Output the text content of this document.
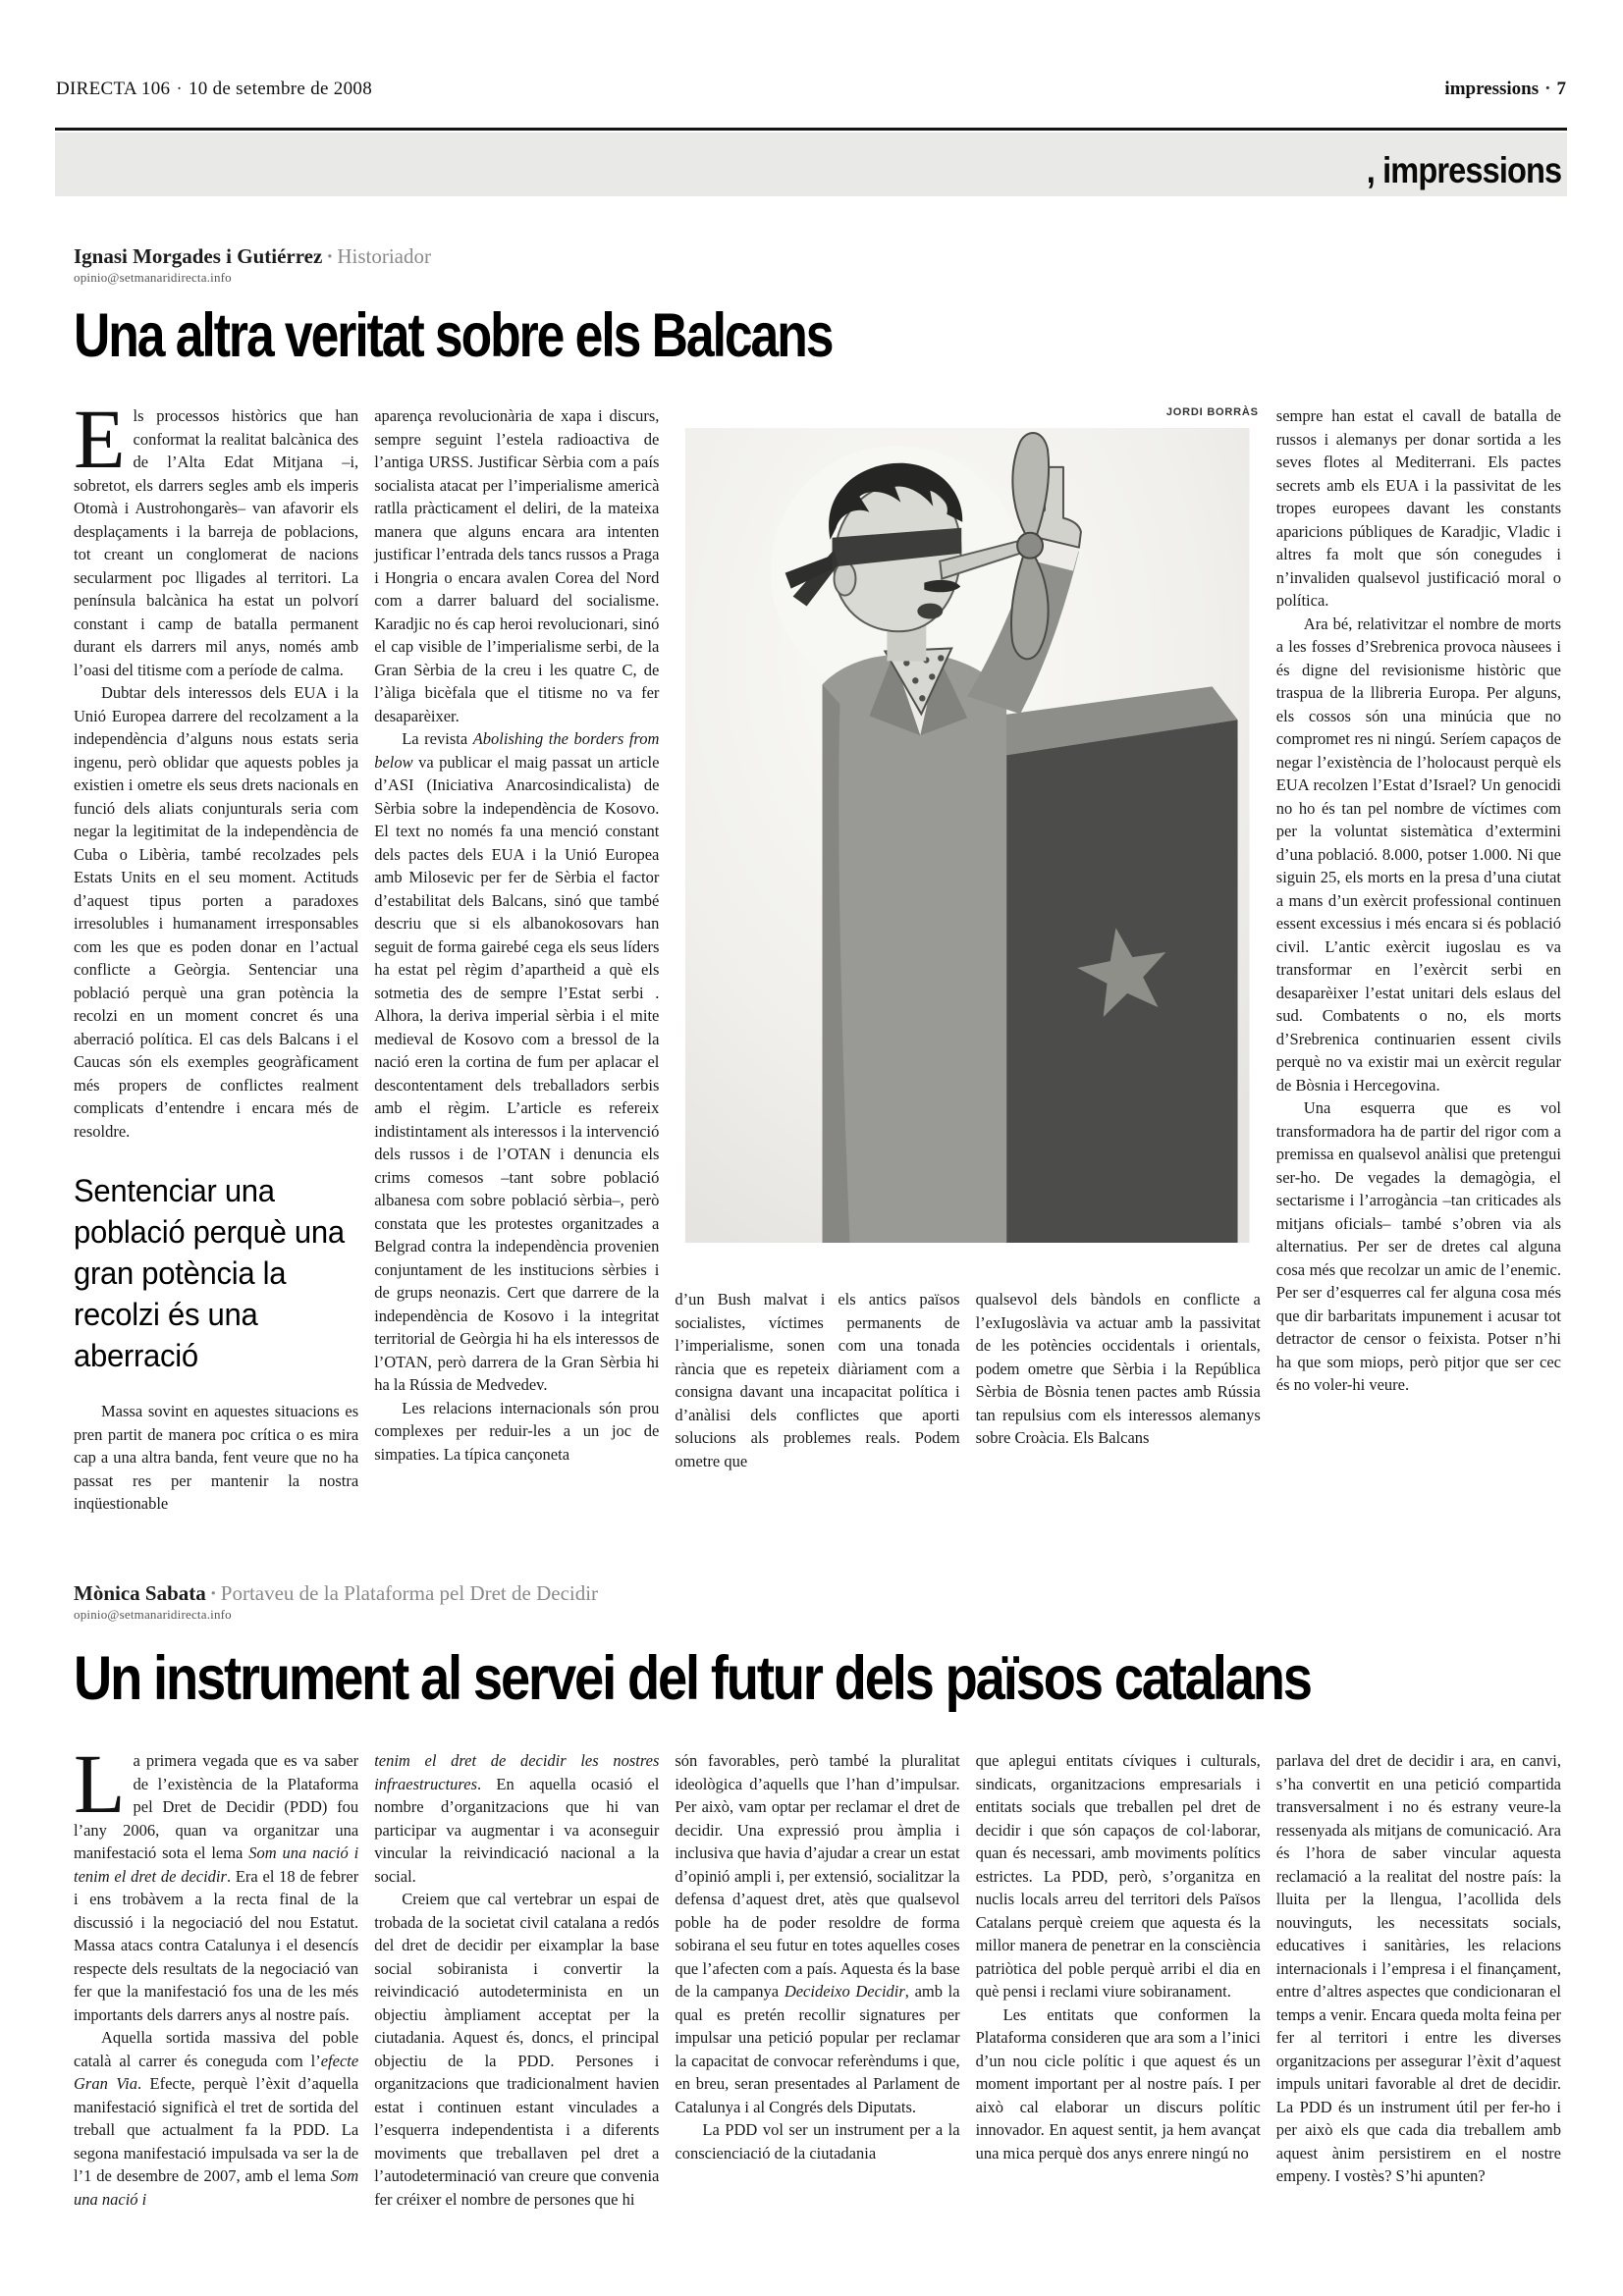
DIRECTA 106 · 10 de setembre de 2008	impressions · 7
, impressions
Ignasi Morgades i Gutiérrez · Historiador
opinio@setmanaridirecta.info
Una altra veritat sobre els Balcans

Els processos històrics que han conformat la realitat balcànica des de l’Alta Edat Mitjana –i, sobretot, els darrers segles amb els imperis Otomà i Austrohongarès– van afavorir els desplaçaments i la barreja de poblacions, tot creant un conglomerat de nacions secularment poc lligades al territori. La península balcànica ha estat un polvorí constant i camp de batalla permanent durant els darrers mil anys, només amb l’oasi del titisme com a període de calma.

Dubtar dels interessos dels EUA i la Unió Europea darrere del recolzament a la independència d’alguns nous estats seria ingenu, però oblidar que aquests pobles ja existien i ometre els seus drets nacionals en funció dels aliats conjunturals seria com negar la legitimitat de la independència de Cuba o Libèria, també recolzades pels Estats Units en el seu moment. Actituds d’aquest tipus porten a paradoxes irresolubles i humanament irresponsables com les que es poden donar en l’actual conflicte a Geòrgia. Sentenciar una població perquè una gran potència la recolzi en un moment concret és una aberració política. El cas dels Balcans i el Caucas són els exemples geogràficament més propers de conflictes realment complicats d’entendre i encara més de resoldre.

Sentenciar una població perquè una gran potència la recolzi és una aberració

Massa sovint en aquestes situacions es pren partit de manera poc crítica o es mira cap a una altra banda, fent veure que no ha passat res per mantenir la nostra inqüestionable

aparença revolucionària de xapa i discurs, sempre seguint l’estela radioactiva de l’antiga URSS. Justificar Sèrbia com a país socialista atacat per l’imperialisme americà ratlla pràcticament el deliri, de la mateixa manera que alguns encara ara intenten justificar l’entrada dels tancs russos a Praga i Hongria o encara avalen Corea del Nord com a darrer baluard del socialisme. Karadjic no és cap heroi revolucionari, sinó el cap visible de l’imperialisme serbi, de la Gran Sèrbia de la creu i les quatre C, de l’àliga bicèfala que el titisme no va fer desaparèixer.

La revista Abolishing the borders from below va publicar el maig passat un article d’ASI (Iniciativa Anarcosindicalista) de Sèrbia sobre la independència de Kosovo. El text no només fa una menció constant dels pactes dels EUA i la Unió Europea amb Milosevic per fer de Sèrbia el factor d’estabilitat dels Balcans, sinó que també descriu que si els albanokosovars han seguit de forma gairebé cega els seus líders ha estat pel règim d’apartheid a què els sotmetia des de sempre l’Estat serbi . Alhora, la deriva imperial sèrbia i el mite medieval de Kosovo com a bressol de la nació eren la cortina de fum per aplacar el descontentament dels treballadors serbis amb el règim. L’article es refereix indistintament als interessos i la intervenció dels russos i de l’OTAN i denuncia els crims comesos –tant sobre població albanesa com sobre població sèrbia–, però constata que les protestes organitzades a Belgrad contra la independència provenien conjuntament de les institucions sèrbies i de grups neonazis. Cert que darrere de la independència de Kosovo i la integritat territorial de Geòrgia hi ha els interessos de l’OTAN, però darrera de la Gran Sèrbia hi ha la Rússia de Medvedev.

Les relacions internacionals són prou complexes per reduir-les a un joc de simpaties. La típica cançoneta

JORDI BORRÀS

d’un Bush malvat i els antics països socialistes, víctimes permanents de l’imperialisme, sonen com una tonada rància que es repeteix diàriament com a consigna davant una incapacitat política i d’anàlisi dels conflictes que aporti solucions als problemes reals. Podem ometre que

qualsevol dels bàndols en conflicte a l’exIugoslàvia va actuar amb la passivitat de les potències occidentals i orientals, podem ometre que Sèrbia i la República Sèrbia de Bòsnia tenen pactes amb Rússia tan repulsius com els interessos alemanys sobre Croàcia. Els Balcans

sempre han estat el cavall de batalla de russos i alemanys per donar sortida a les seves flotes al Mediterrani. Els pactes secrets amb els EUA i la passivitat de les tropes europees davant les constants aparicions públiques de Karadjic, Vladic i altres fa molt que són conegudes i n’invaliden qualsevol justificació moral o política.

Ara bé, relativitzar el nombre de morts a les fosses d’Srebrenica provoca nàusees i és digne del revisionisme històric que traspua de la llibreria Europa. Per alguns, els cossos són una minúcia que no compromet res ni ningú. Seríem capaços de negar l’existència de l’holocaust perquè els EUA recolzen l’Estat d’Israel? Un genocidi no ho és tan pel nombre de víctimes com per la voluntat sistemàtica d’extermini d’una població. 8.000, potser 1.000. Ni que siguin 25, els morts en la presa d’una ciutat a mans d’un exèrcit professional continuen essent excessius i més encara si és població civil. L’antic exèrcit iugoslau es va transformar en l’exèrcit serbi en desaparèixer l’estat unitari dels eslaus del sud. Combatents o no, els morts d’Srebrenica continuarien essent civils perquè no va existir mai un exèrcit regular de Bòsnia i Hercegovina.

Una esquerra que es vol transformadora ha de partir del rigor com a premissa en qualsevol anàlisi que pretengui ser-ho. De vegades la demagògia, el sectarisme i l’arrogància –tan criticades als mitjans oficials– també s’obren via als alternatius. Per ser de dretes cal alguna cosa més que recolzar un amic de l’enemic. Per ser d’esquerres cal fer alguna cosa més que dir barbaritats impunement i acusar tot detractor de censor o feixista. Potser n’hi ha que som miops, però pitjor que ser cec és no voler-hi veure.

Mònica Sabata · Portaveu de la Plataforma pel Dret de Decidir
opinio@setmanaridirecta.info
Un instrument al servei del futur dels països catalans

La primera vegada que es va saber de l’existència de la Plataforma pel Dret de Decidir (PDD) fou l’any 2006, quan va organitzar una manifestació sota el lema Som una nació i tenim el dret de decidir. Era el 18 de febrer i ens trobàvem a la recta final de la discussió i la negociació del nou Estatut. Massa atacs contra Catalunya i el desencís respecte dels resultats de la negociació van fer que la manifestació fos una de les més importants dels darrers anys al nostre país.

Aquella sortida massiva del poble català al carrer és coneguda com l’efecte Gran Via. Efecte, perquè l’èxit d’aquella manifestació significà el tret de sortida del treball que actualment fa la PDD. La segona manifestació impulsada va ser la de l’1 de desembre de 2007, amb el lema Som una nació i

tenim el dret de decidir les nostres infraestructures. En aquella ocasió el nombre d’organitzacions que hi van participar va augmentar i va aconseguir vincular la reivindicació nacional a la social.

Creiem que cal vertebrar un espai de trobada de la societat civil catalana a redós del dret de decidir per eixamplar la base social sobiranista i convertir la reivindicació autodeterminista en un objectiu àmpliament acceptat per la ciutadania. Aquest és, doncs, el principal objectiu de la PDD. Persones i organitzacions que tradicionalment havien estat i continuen estant vinculades a l’esquerra independentista i a diferents moviments que treballaven pel dret a l’autodeterminació van creure que convenia fer créixer el nombre de persones que hi

són favorables, però també la pluralitat ideològica d’aquells que l’han d’impulsar. Per això, vam optar per reclamar el dret de decidir. Una expressió prou àmplia i inclusiva que havia d’ajudar a crear un estat d’opinió ampli i, per extensió, socialitzar la defensa d’aquest dret, atès que qualsevol poble ha de poder resoldre de forma sobirana el seu futur en totes aquelles coses que l’afecten com a país. Aquesta és la base de la campanya Decideixo Decidir, amb la qual es pretén recollir signatures per impulsar una petició popular per reclamar la capacitat de convocar referèndums i que, en breu, seran presentades al Parlament de Catalunya i al Congrés dels Diputats.

La PDD vol ser un instrument per a la conscienciació de la ciutadania

que aplegui entitats cíviques i culturals, sindicats, organitzacions empresarials i entitats socials que treballen pel dret de decidir i que són capaços de col·laborar, quan és necessari, amb moviments polítics estrictes. La PDD, però, s’organitza en nuclis locals arreu del territori dels Països Catalans perquè creiem que aquesta és la millor manera de penetrar en la consciència patriòtica del poble perquè arribi el dia en què pensi i reclami viure sobiranament.

Les entitats que conformen la Plataforma consideren que ara som a l’inici d’un nou cicle polític i que aquest és un moment important per al nostre país. I per això cal elaborar un discurs polític innovador. En aquest sentit, ja hem avançat una mica perquè dos anys enrere ningú no

parlava del dret de decidir i ara, en canvi, s’ha convertit en una petició compartida transversalment i no és estrany veure-la ressenyada als mitjans de comunicació. Ara és l’hora de saber vincular aquesta reclamació a la realitat del nostre país: la lluita per la llengua, l’acollida dels nouvinguts, les necessitats socials, educatives i sanitàries, les relacions internacionals i l’empresa i el finançament, entre d’altres aspectes que condicionaran el temps a venir. Encara queda molta feina per fer al territori i entre les diverses organitzacions per assegurar l’èxit d’aquest impuls unitari favorable al dret de decidir. La PDD és un instrument útil per fer-ho i per això els que cada dia treballem amb aquest ànim persistirem en el nostre empeny. I vostès? S’hi apunten?
